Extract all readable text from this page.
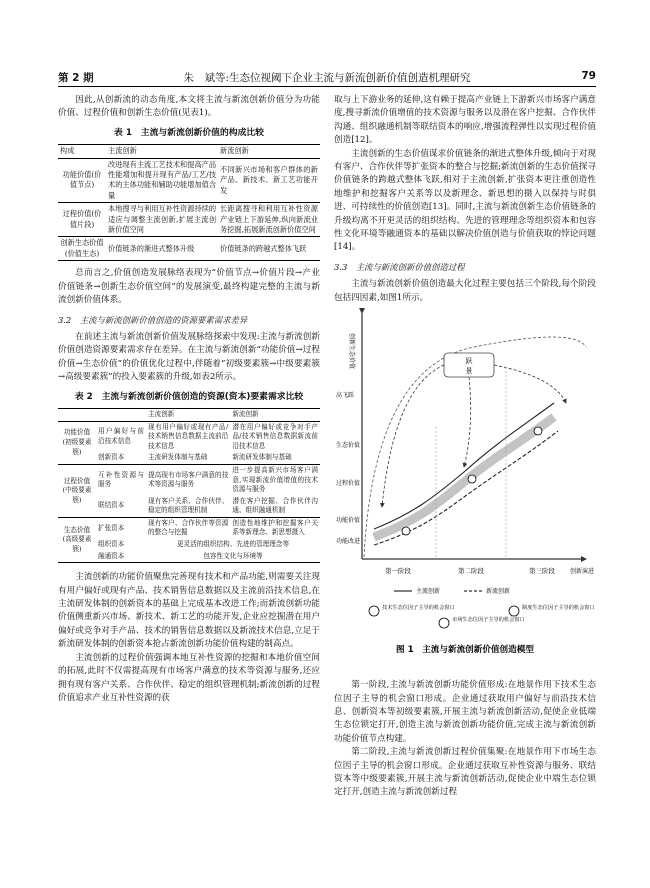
第 2 期	朱　斌等:生态位视阈下企业主流与新流创新价值创造机理研究	79

因此,从创新流的动态角度,本文将主流与新流创新价值分为功能价值、过程价值和创新生态价值(见表1)。

表 1　主流与新流创新价值的构成比较
构成	主流创新	新流创新
功能价值(价值节点)	改进现有主流工艺技术和提高产品性能增加和提升现有产品/工艺/技术的主体功能和辅助功能增加值含量	不同新兴市场和客户群体的新产品、新技术、新工艺功能开发
过程价值(价值片段)	本地搜寻与利用互补性资源持续的适应与调整主流创新,扩展主流创新价值空间	长距离搜寻和利用互补性资源产业链上下游延伸,纵向新流业务挖掘,拓展新流创新价值空间
创新生态价值(价值生态)	价值链条的渐进式整体升级	价值链条的跨越式整体飞跃

总而言之,价值创造发展脉络表现为“价值节点→价值片段→产业价值链条→创新生态价值空间”的发展演变,最终构建完整的主流与新流创新价值体系。

3.2　主流与新流创新价值创造的资源要素需求差异

在前述主流与新流创新价值发展脉络探索中发现:主流与新流创新价值创造资源要素需求存在差异。在主流与新流创新“功能价值→过程价值→生态价值”的价值优化过程中,伴随着“初级要素簇→中级要素簇→高级要素簇”的投入要素簇的升级,如表2所示。

表 2　主流与新流创新价值创造的资源(资本)要素需求比较
		主流创新	新流创新
功能价值(初级要素簇)	用户偏好与前沿技术信息	现有用户偏好或现有产品/技术销售信息数据主流前沿技术信息	潜在用户偏好或竞争对手产品/技术销售信息数据新流前沿技术信息
	创新资本	主流研发体制与基础	新流研发体制与基础
过程价值(中级要素簇)	互补性资源与服务	提高现有市场客户满意的技术等资源与服务	进一步提高新兴市场客户满意,实现新流价值增值的技术资源与服务
	联结资本	现有客户关系、合作伙伴、稳定的组织管理机制	潜在客户挖掘、合作伙伴沟通、组织融通机制
生态价值(高级要素簇)	扩张资本	现有客户、合作伙伴等资源的整合与挖掘	创造性地维护和挖掘客户关系等新理念、新思想摄入
	组织资本	更灵活的组织结构、先进的管理理念等	
	融通资本	包容性文化与环境等	

主流创新的功能价值聚焦完善现有技术和产品功能,则需要关注现有用户偏好或现有产品、技术销售信息数据以及主流前沿技术信息,在主流研发体制的创新资本的基础上完成基本改进工作;而新流创新功能价值侧重新兴市场、新技术、新工艺的功能开发,企业应挖掘潜在用户偏好或竞争对手产品、技术的销售信息数据以及新流技术信息,立足于新流研发体制的创新资本抢占新流创新功能价值构建的制高点。

主流创新的过程价值强调本地互补性资源的挖掘和本地价值空间的拓展,此时不仅需提高现有市场客户满意的技术等资源与服务,还应拥有现有客户关系、合作伙伴、稳定的组织管理机制;新流创新的过程价值追求产业互补性资源的获

取与上下游业务的延伸,这有赖于提高产业链上下游新兴市场客户满意度,搜寻新流价值增值的技术资源与服务以及潜在客户挖掘、合作伙伴沟通、组织融通机制等联结资本的响应,增强流程弹性以实现过程价值创造[12]。

主流创新的生态价值谋求价值链条的渐进式整体升级,倾向于对现有客户、合作伙伴等扩张资本的整合与挖掘;新流创新的生态价值探寻价值链条的跨越式整体飞跃,相对于主流创新,扩张资本更注重创造性地维护和挖掘客户关系等以及新理念、新思想的摄入以保持与时俱进、可持续性的价值创造[13]。同时,主流与新流创新生态价值链条的升级均离不开更灵活的组织结构、先进的管理理念等组织资本和包容性文化环境等融通资本的基础以解决价值创造与价值获取的悖论问题[14]。

3.3　主流与新流创新价值创造过程

主流与新流创新价值创造最大化过程主要包括三个阶段,每个阶段包括四因素,如图1所示。

跃
景
创新生态价值
高飞跃
生态价值
过程价值
功能价值
功能改进
第一阶段	第二阶段	第三阶段 创新演进
主流创新	新流创新
技术生态位因子主导的机会窗口
市场生态位因子主导的机会窗口
制度生态位因子主导的机会窗口
图 1　主流与新流创新价值创造模型

第一阶段,主流与新流创新功能价值形成:在地景作用下技术生态位因子主导的机会窗口形成。企业通过获取用户偏好与前沿技术信息、创新资本等初级要素簇,开展主流与新流创新活动,促使企业低端生态位锁定打开,创造主流与新流创新功能价值,完成主流与新流创新功能价值节点构建。

第二阶段,主流与新流创新过程价值集聚:在地景作用下市场生态位因子主导的机会窗口形成。企业通过获取互补性资源与服务、联结资本等中级要素簇,开展主流与新流创新活动,促使企业中端生态位锁定打开,创造主流与新流创新过程
